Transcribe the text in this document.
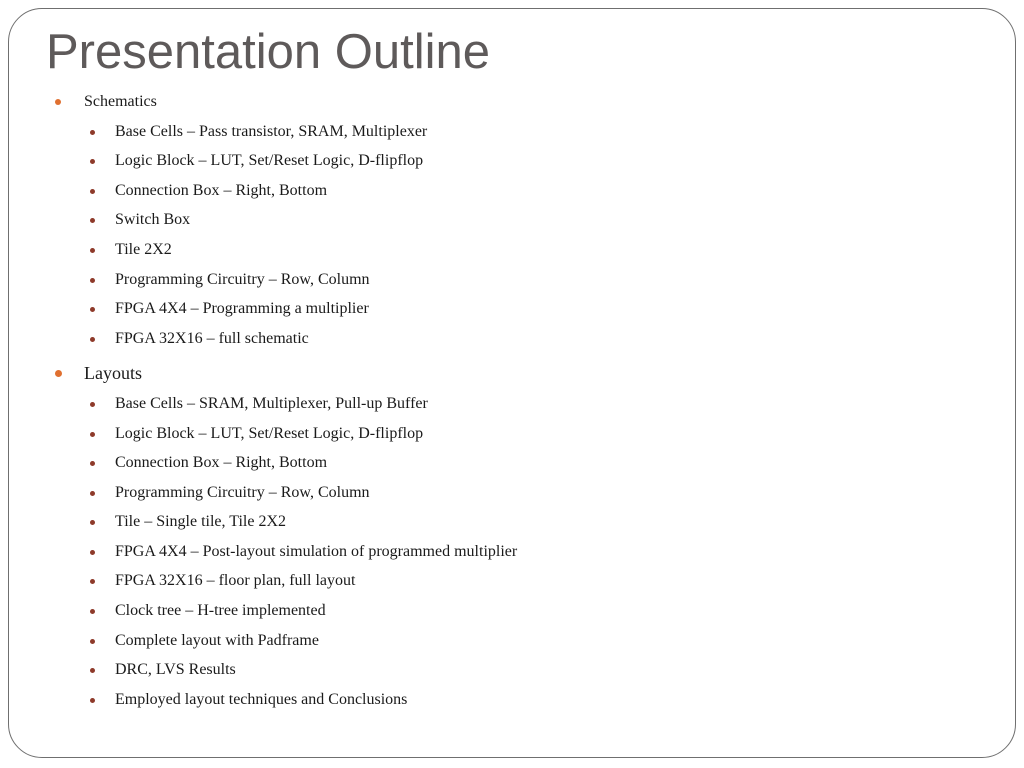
Presentation Outline
Schematics
Base Cells – Pass transistor, SRAM, Multiplexer
Logic Block – LUT, Set/Reset Logic, D-flipflop
Connection Box – Right, Bottom
Switch Box
Tile 2X2
Programming Circuitry – Row, Column
FPGA 4X4 – Programming a multiplier
FPGA 32X16 – full schematic
Layouts
Base Cells – SRAM, Multiplexer, Pull-up Buffer
Logic Block – LUT, Set/Reset Logic, D-flipflop
Connection Box – Right, Bottom
Programming Circuitry – Row, Column
Tile – Single tile, Tile 2X2
FPGA 4X4 – Post-layout simulation of programmed multiplier
FPGA 32X16 – floor plan, full layout
Clock tree – H-tree implemented
Complete layout with Padframe
DRC, LVS Results
Employed layout techniques and Conclusions
